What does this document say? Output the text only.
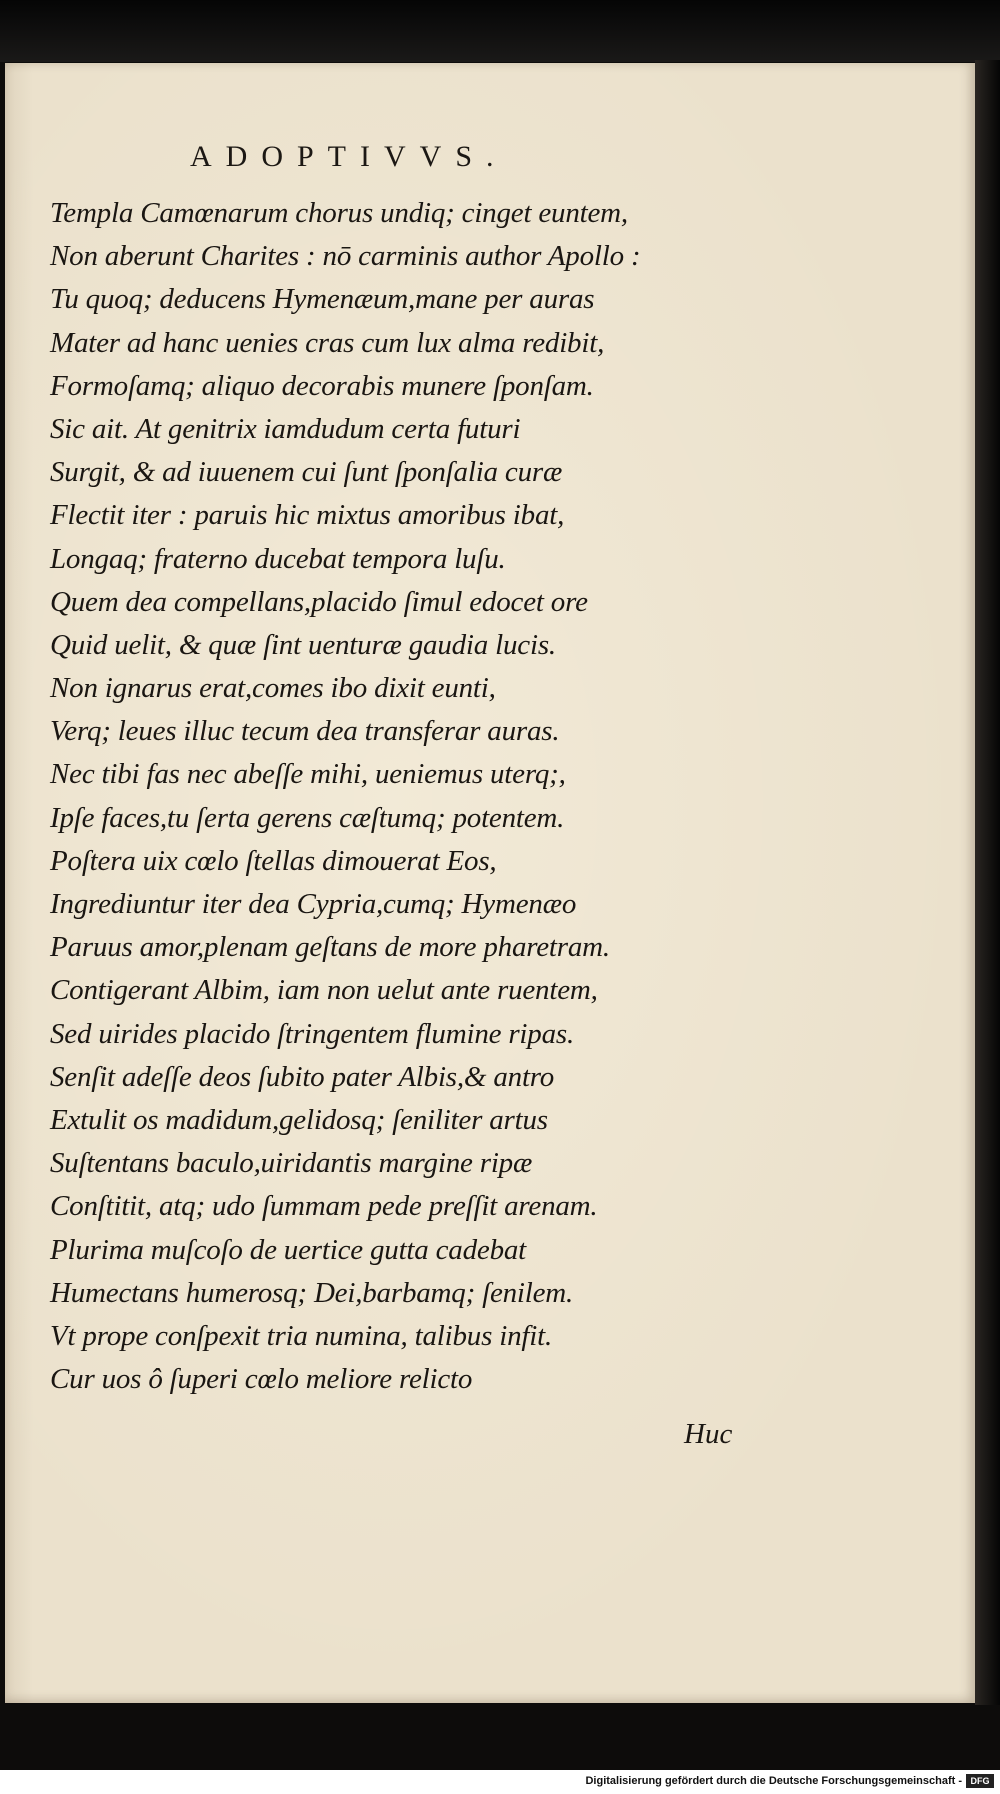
ADOPTIVVS.
Templa Camœnarum chorus undiq; cinget euntem,
Non aberunt Charites : nō carminis author Apollo :
Tu quoq; deducens Hymenæum,mane per auras
Mater ad hanc uenies cras cum lux alma redibit,
Formoſamq; aliquo decorabis munere ſponſam.
Sic ait. At genitrix iamdudum certa futuri
Surgit, & ad iuuenem cui ſunt ſponſalia curæ
Flectit iter : paruis hic mixtus amoribus ibat,
Longaq; fraterno ducebat tempora luſu.
Quem dea compellans,placido ſimul edocet ore
Quid uelit, & quæ ſint uenturæ gaudia lucis.
Non ignarus erat,comes ibo dixit eunti,
Verq; leues illuc tecum dea transferar auras.
Nec tibi fas nec abeſſe mihi, ueniemus uterq;,
Ipſe faces,tu ſerta gerens cæſtumq; potentem.
Poſtera uix cœlo ſtellas dimouerat Eos,
Ingrediuntur iter dea Cypria,cumq; Hymenæo
Paruus amor,plenam geſtans de more pharetram.
Contigerant Albim, iam non uelut ante ruentem,
Sed uirides placido ſtringentem flumine ripas.
Senſit adeſſe deos ſubito pater Albis,& antro
Extulit os madidum,gelidosq; ſeniliter artus
Suſtentans baculo,uiridantis margine ripæ
Conſtitit, atq; udo ſummam pede preſſit arenam.
Plurima muſcoſo de uertice gutta cadebat
Humectans humerosq; Dei,barbamq; ſenilem.
Vt prope conſpexit tria numina, talibus infit.
Cur uos ô ſuperi cœlo meliore relicto
Huc
Digitalisierung gefördert durch die Deutsche Forschungsgemeinschaft - DFG
